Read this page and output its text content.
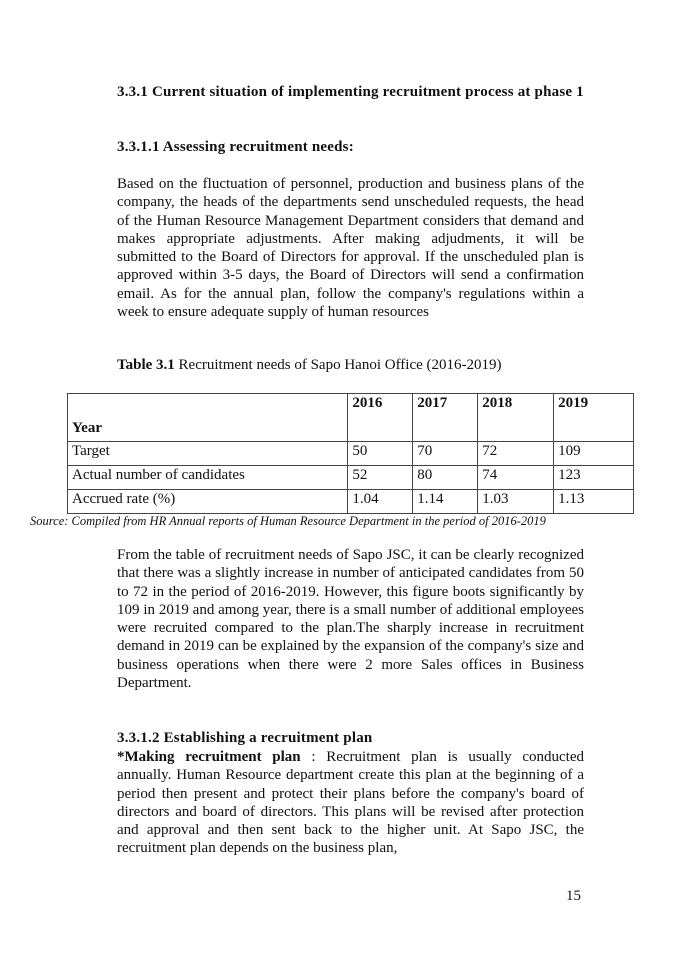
3.3.1 Current situation of implementing recruitment process at phase 1
3.3.1.1 Assessing recruitment needs:
Based on the fluctuation of personnel, production and business plans of the company, the heads of the departments send unscheduled requests, the head of the Human Resource Management Department considers that demand and makes appropriate adjustments. After making adjudments, it will be submitted to the Board of Directors for approval. If the unscheduled plan is approved within 3-5 days, the Board of Directors will send a confirmation email. As for the annual plan, follow the company's regulations within a week to ensure adequate supply of human resources
Table 3.1 Recruitment needs of Sapo Hanoi Office (2016-2019)
Year	2016	2017	2018	2019
Target	50	70	72	109
Actual number of candidates	52	80	74	123
Accrued rate (%)	1.04	1.14	1.03	1.13
Source: Compiled from HR Annual reports of Human Resource Department in the period of 2016-2019
From the table of recruitment needs of Sapo JSC, it can be clearly recognized that there was a slightly increase in number of anticipated candidates from 50 to 72 in the period of 2016-2019. However, this figure boots significantly by 109 in 2019 and among year, there is a small number of additional employees were recruited compared to the plan.The sharply increase in recruitment demand in 2019 can be explained by the expansion of the company's size and business operations when there were 2 more Sales offices in Business Department.
3.3.1.2 Establishing a recruitment plan
*Making recruitment plan : Recruitment plan is usually conducted annually. Human Resource department create this plan at the beginning of a period then present and protect their plans before the company's board of directors and board of directors. This plans will be revised after protection and approval and then sent back to the higher unit. At Sapo JSC, the recruitment plan depends on the business plan,
15
